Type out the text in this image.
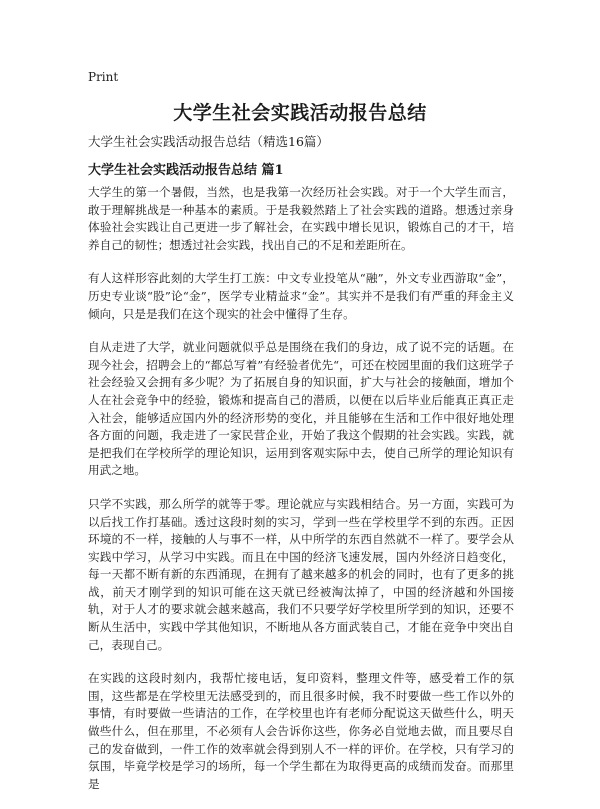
Print
大学生社会实践活动报告总结

大学生社会实践活动报告总结（精选16篇）

大学生社会实践活动报告总结 篇1

大学生的第一个暑假，当然，也是我第一次经历社会实践。对于一个大学生而言，敢于理解挑战是一种基本的素质。于是我毅然踏上了社会实践的道路。想透过亲身体验社会实践让自己更进一步了解社会，在实践中增长见识，锻炼自己的才干，培养自己的韧性；想透过社会实践，找出自己的不足和差距所在。

有人这样形容此刻的大学生打工族：中文专业投笔从“融”，外文专业西游取“金”，历史专业谈“股”论“金”，医学专业精益求“金”。其实并不是我们有严重的拜金主义倾向，只是是我们在这个现实的社会中懂得了生存。

自从走进了大学，就业问题就似乎总是围绕在我们的身边，成了说不完的话题。在现今社会，招聘会上的“都总写着”有经验者优先“，可还在校园里面的我们这班学子社会经验又会拥有多少呢？为了拓展自身的知识面，扩大与社会的接触面，增加个人在社会竞争中的经验，锻炼和提高自己的潜质，以便在以后毕业后能真正真正走入社会，能够适应国内外的经济形势的变化，并且能够在生活和工作中很好地处理各方面的问题，我走进了一家民营企业，开始了我这个假期的社会实践。实践，就是把我们在学校所学的理论知识，运用到客观实际中去，使自己所学的理论知识有用武之地。

只学不实践，那么所学的就等于零。理论就应与实践相结合。另一方面，实践可为以后找工作打基础。透过这段时刻的实习，学到一些在学校里学不到的东西。正因环境的不一样，接触的人与事不一样，从中所学的东西自然就不一样了。要学会从实践中学习，从学习中实践。而且在中国的经济飞速发展，国内外经济日趋变化，每一天都不断有新的东西涌现，在拥有了越来越多的机会的同时，也有了更多的挑战，前天才刚学到的知识可能在这天就已经被淘汰掉了，中国的经济越和外国接轨，对于人才的要求就会越来越高，我们不只要学好学校里所学到的知识，还要不断从生活中，实践中学其他知识，不断地从各方面武装自己，才能在竞争中突出自己，表现自己。

在实践的这段时刻内，我帮忙接电话，复印资料，整理文件等，感受着工作的氛围，这些都是在学校里无法感受到的，而且很多时候，我不时要做一些工作以外的事情，有时要做一些请洁的工作，在学校里也许有老师分配说这天做些什么，明天做些什么，但在那里，不必须有人会告诉你这些，你务必自觉地去做，而且要尽自己的发奋做到，一件工作的效率就会得到别人不一样的评价。在学校，只有学习的氛围，毕竟学校是学习的场所，每一个学生都在为取得更高的成绩而发奋。而那里是
